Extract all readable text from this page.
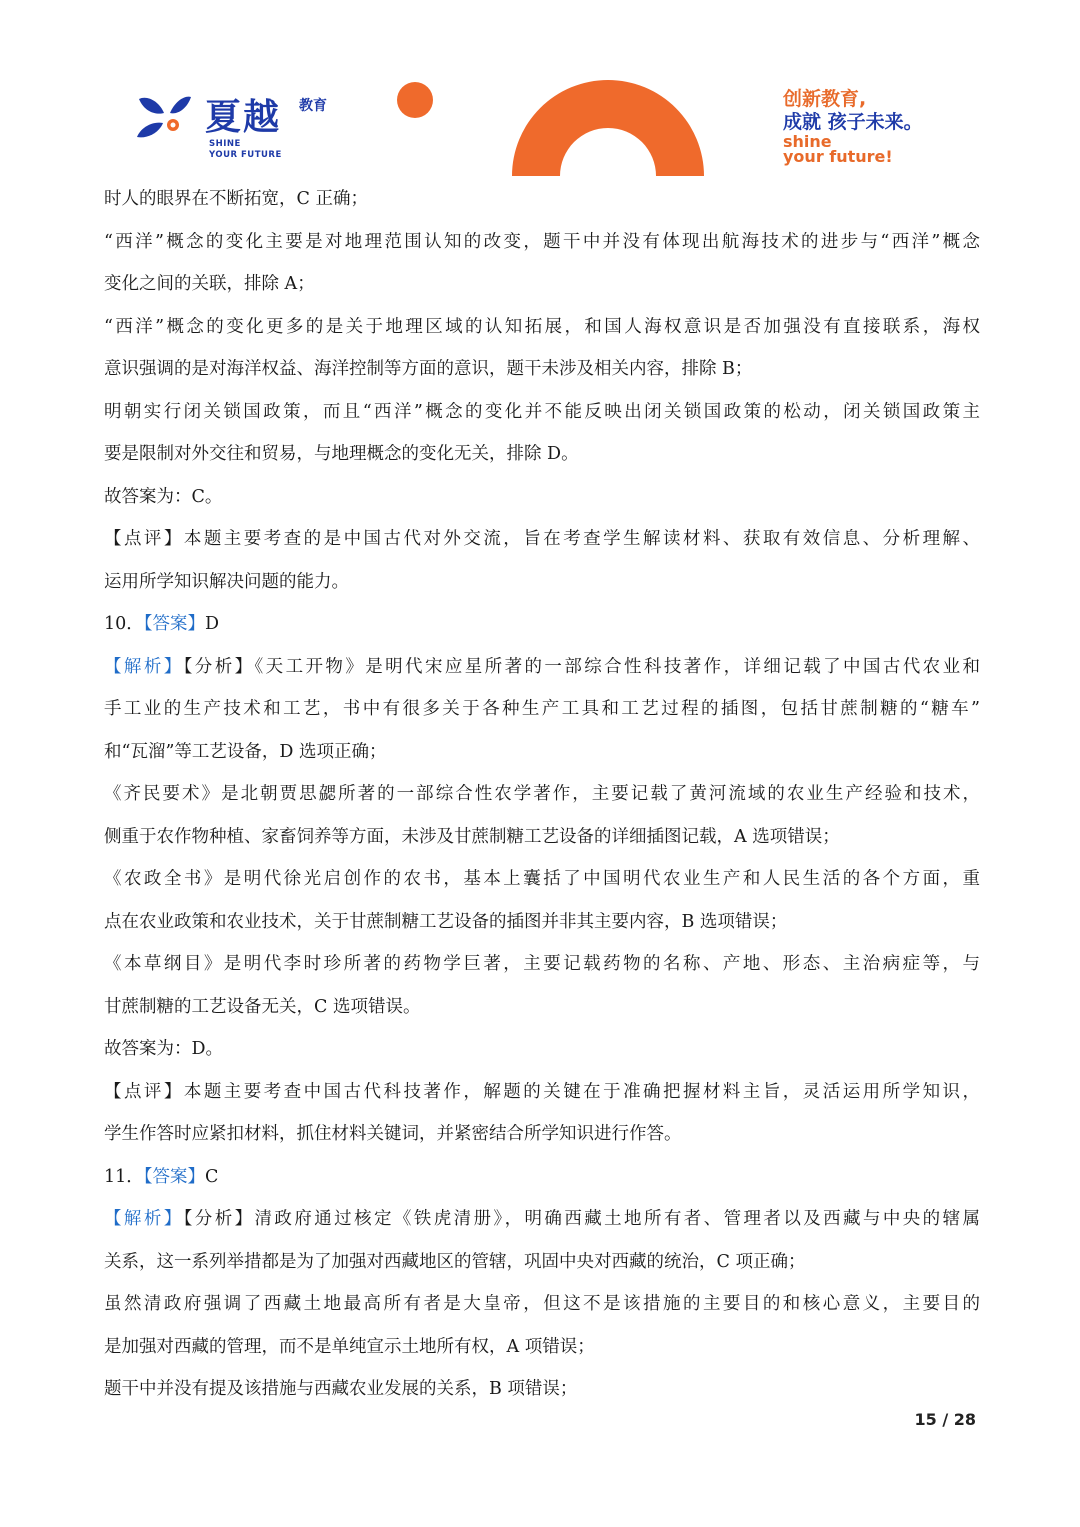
夏越 教育
SHINE
YOUR FUTURE
创新教育,
成就 孩子未来。
shine
your future!

时人的眼界在不断拓宽，C 正确；

“西洋”概念的变化主要是对地理范围认知的改变，题干中并没有体现出航海技术的进步与“西洋”概念

变化之间的关联，排除 A；

“西洋”概念的变化更多的是关于地理区域的认知拓展，和国人海权意识是否加强没有直接联系，海权

意识强调的是对海洋权益、海洋控制等方面的意识，题干未涉及相关内容，排除 B；

明朝实行闭关锁国政策，而且“西洋”概念的变化并不能反映出闭关锁国政策的松动，闭关锁国政策主

要是限制对外交往和贸易，与地理概念的变化无关，排除 D。

故答案为：C。

【点评】本题主要考查的是中国古代对外交流，旨在考查学生解读材料、获取有效信息、分析理解、

运用所学知识解决问题的能力。

10．【答案】D

【解析】【分析】《天工开物》是明代宋应星所著的一部综合性科技著作，详细记载了中国古代农业和

手工业的生产技术和工艺，书中有很多关于各种生产工具和工艺过程的插图，包括甘蔗制糖的“糖车”

和“瓦溜”等工艺设备，D 选项正确；

《齐民要术》是北朝贾思勰所著的一部综合性农学著作，主要记载了黄河流域的农业生产经验和技术，

侧重于农作物种植、家畜饲养等方面，未涉及甘蔗制糖工艺设备的详细插图记载，A 选项错误；

《农政全书》是明代徐光启创作的农书，基本上囊括了中国明代农业生产和人民生活的各个方面，重

点在农业政策和农业技术，关于甘蔗制糖工艺设备的插图并非其主要内容，B 选项错误；

《本草纲目》是明代李时珍所著的药物学巨著，主要记载药物的名称、产地、形态、主治病症等，与

甘蔗制糖的工艺设备无关，C 选项错误。

故答案为：D。

【点评】本题主要考查中国古代科技著作，解题的关键在于准确把握材料主旨，灵活运用所学知识，

学生作答时应紧扣材料，抓住材料关键词，并紧密结合所学知识进行作答。

11．【答案】C

【解析】【分析】清政府通过核定《铁虎清册》，明确西藏土地所有者、管理者以及西藏与中央的辖属

关系，这一系列举措都是为了加强对西藏地区的管辖，巩固中央对西藏的统治，C 项正确；

虽然清政府强调了西藏土地最高所有者是大皇帝，但这不是该措施的主要目的和核心意义，主要目的

是加强对西藏的管理，而不是单纯宣示土地所有权，A 项错误；

题干中并没有提及该措施与西藏农业发展的关系，B 项错误；

15 / 28
